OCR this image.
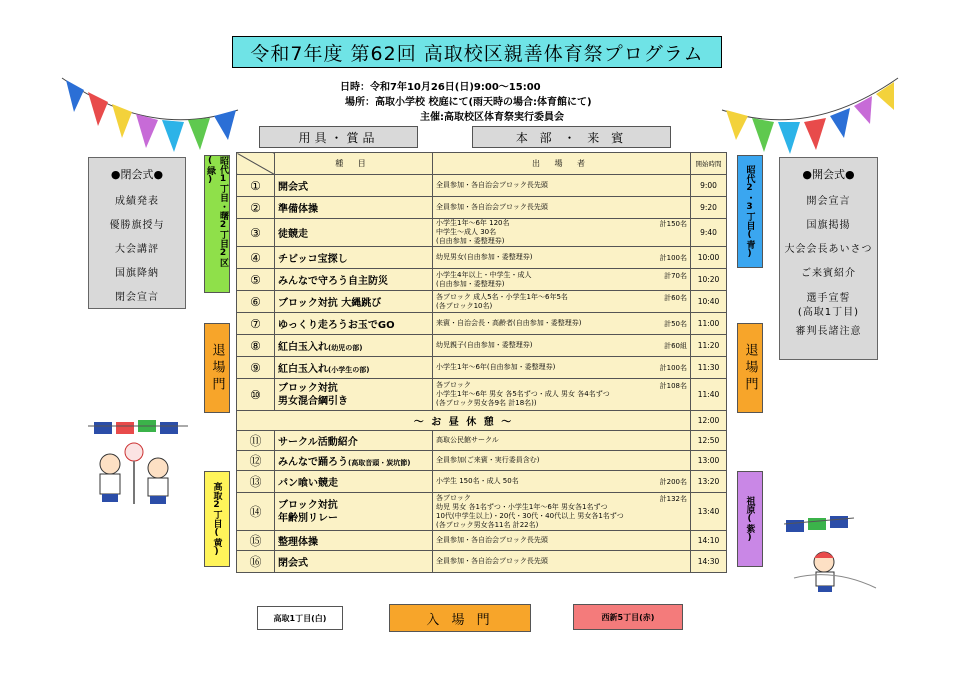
令和7年度 第62回 高取校区親善体育祭プログラム
日時：令和7年10月26日(日)9:00～15:00
場所：高取小学校 校庭にて(雨天時の場合:体育館にて)
主催:高取校区体育祭実行委員会
用具・賞品	本 部 ・ 来 賓
●閉会式●
成績発表
優勝旗授与
大会講評
国旗降納
閉会宣言
●開会式●
開会宣言
国旗掲揚
大会会長あいさつ
ご来賓紹介
選手宣誓
(高取1丁目)
審判長諸注意
昭代1丁目・曙2丁目2区(緑)	昭代2・3丁目(青)
高取2丁目(黄)	祖原(紫)
退場門	退場門
	種 目	出 場 者	開始時間
①	開会式	全員参加・各自治会ブロック長先頭	9:00
②	準備体操	全員参加・各自治会ブロック長先頭	9:20
③	徒競走	計150名
小学生1年～6年 120名
中学生～成人 30名
(自由参加・委整理券)	9:40
④	チビッコ宝探し	計100名
幼児男女(自由参加・委整理券)	10:00
⑤	みんなで守ろう自主防災	計70名
小学生4年以上・中学生・成人
(自由参加・委整理券)	10:20
⑥	ブロック対抗 大縄跳び	計60名
各ブロック 成人5名・小学生1年～6年5名
(各ブロック10名)	10:40
⑦	ゆっくり走ろうお玉でGO	計50名
来賓・自治会長・高齢者(自由参加・委整理券)	11:00
⑧	紅白玉入れ(幼児の部)	計60組
幼児親子(自由参加・委整理券)	11:20
⑨	紅白玉入れ(小学生の部)	計100名
小学生1年～6年(自由参加・委整理券)	11:30
⑩	ブロック対抗
男女混合綱引き	計108名
各ブロック
小学生1年～6年 男女 各5名ずつ・成人 男女 各4名ずつ
(各ブロック男女各9名 計18名))	11:40
～ お 昼 休 憩 ～			12:00
⑪	サークル活動紹介	高取公民館サークル	12:50
⑫	みんなで踊ろう(高取音頭・炭坑節)	全員参加(ご来賓・実行委員含む)	13:00
⑬	パン喰い競走	計200名
小学生 150名・成人 50名	13:20
⑭	ブロック対抗
年齢別リレー	計132名
各ブロック
幼児 男女 各1名ずつ・小学生1年～6年 男女各1名ずつ
10代(中学生以上)・20代・30代・40代以上 男女各1名ずつ
(各ブロック男女各11名 計22名)	13:40
⑮	整理体操	全員参加・各自治会ブロック長先頭	14:10
⑯	閉会式	全員参加・各自治会ブロック長先頭	14:30
高取1丁目(白)	入 場 門	西新5丁目(赤)
